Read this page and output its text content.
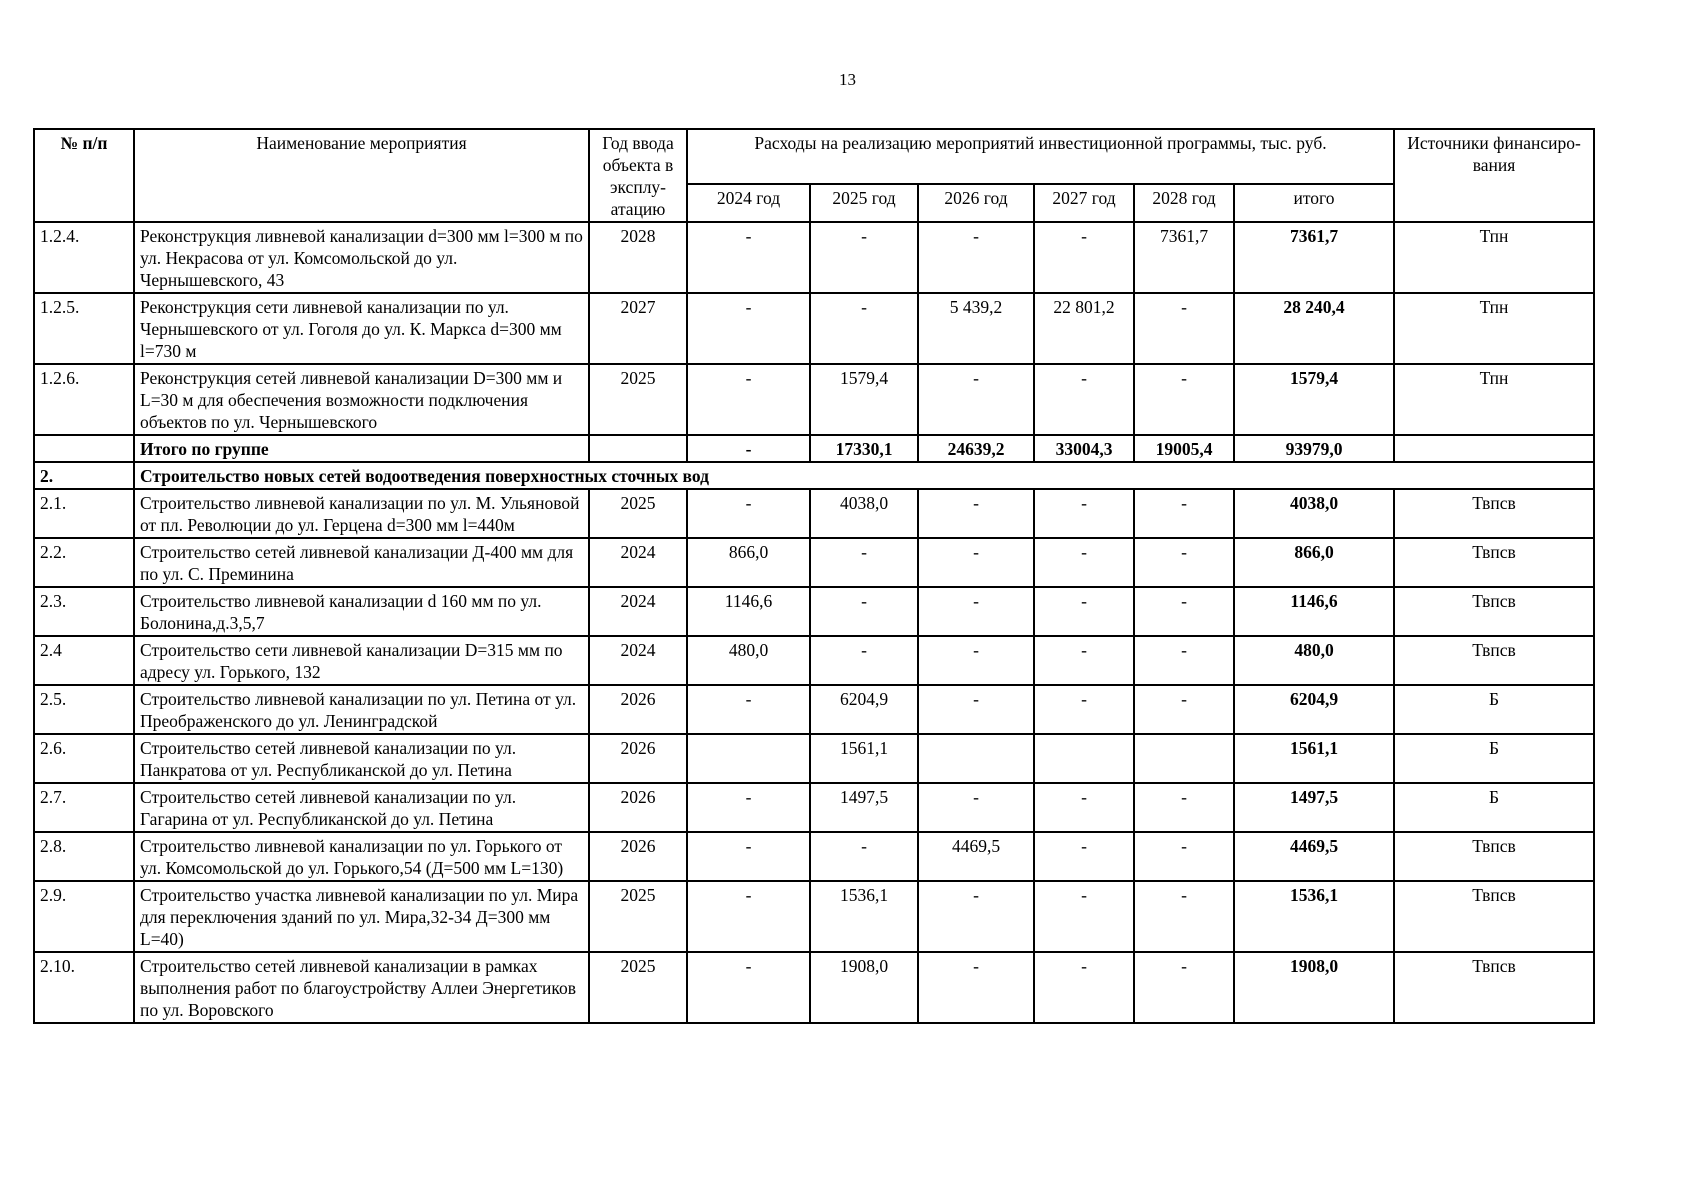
13
№ п/п	Наименование мероприятия	Год ввода объекта в эксплу-атацию	Расходы на реализацию мероприятий инвестиционной программы, тыс. руб.						Источники финансиро-вания
			2024 год	2025 год	2026 год	2027 год	2028 год	итого	
1.2.4.	Реконструкция ливневой канализации d=300 мм l=300 м по ул. Некрасова от ул. Комсомольской до ул. Чернышевского, 43	2028	-	-	-	-	7361,7	7361,7	Тпн
1.2.5.	Реконструкция сети ливневой канализации по ул. Чернышевского от ул. Гоголя до ул. К. Маркса d=300 мм l=730 м	2027	-	-	5 439,2	22 801,2	-	28 240,4	Тпн
1.2.6.	Реконструкция сетей ливневой канализации D=300 мм и L=30 м для обеспечения возможности подключения объектов по ул. Чернышевского	2025	-	1579,4	-	-	-	1579,4	Тпн
	Итого по группе		-	17330,1	24639,2	33004,3	19005,4	93979,0	
2.	Строительство новых сетей водоотведения поверхностных сточных вод								
2.1.	Строительство ливневой канализации по ул. М. Ульяновой от пл. Революции до ул. Герцена d=300 мм l=440м	2025	-	4038,0	-	-	-	4038,0	Твпсв
2.2.	Строительство сетей ливневой канализации Д-400 мм для по ул. С. Преминина	2024	866,0	-	-	-	-	866,0	Твпсв
2.3.	Строительство ливневой канализации d 160 мм по ул. Болонина,д.3,5,7	2024	1146,6	-	-	-	-	1146,6	Твпсв
2.4	Строительство сети ливневой канализации D=315 мм по адресу ул. Горького, 132	2024	480,0	-	-	-	-	480,0	Твпсв
2.5.	Строительство ливневой канализации по ул. Петина от ул. Преображенского до ул. Ленинградской	2026	-	6204,9	-	-	-	6204,9	Б
2.6.	Строительство сетей ливневой канализации по ул. Панкратова от ул. Республиканской до ул. Петина	2026		1561,1				1561,1	Б
2.7.	Строительство сетей ливневой канализации по ул. Гагарина от ул. Республиканской до ул. Петина	2026	-	1497,5	-	-	-	1497,5	Б
2.8.	Строительство ливневой канализации по ул. Горького от ул. Комсомольской до ул. Горького,54 (Д=500 мм L=130)	2026	-	-	4469,5	-	-	4469,5	Твпсв
2.9.	Строительство участка ливневой канализации по ул. Мира для переключения зданий по ул. Мира,32-34 Д=300 мм L=40)	2025	-	1536,1	-	-	-	1536,1	Твпсв
2.10.	Строительство сетей ливневой канализации в рамках выполнения работ по благоустройству Аллеи Энергетиков по ул. Воровского	2025	-	1908,0	-	-	-	1908,0	Твпсв
